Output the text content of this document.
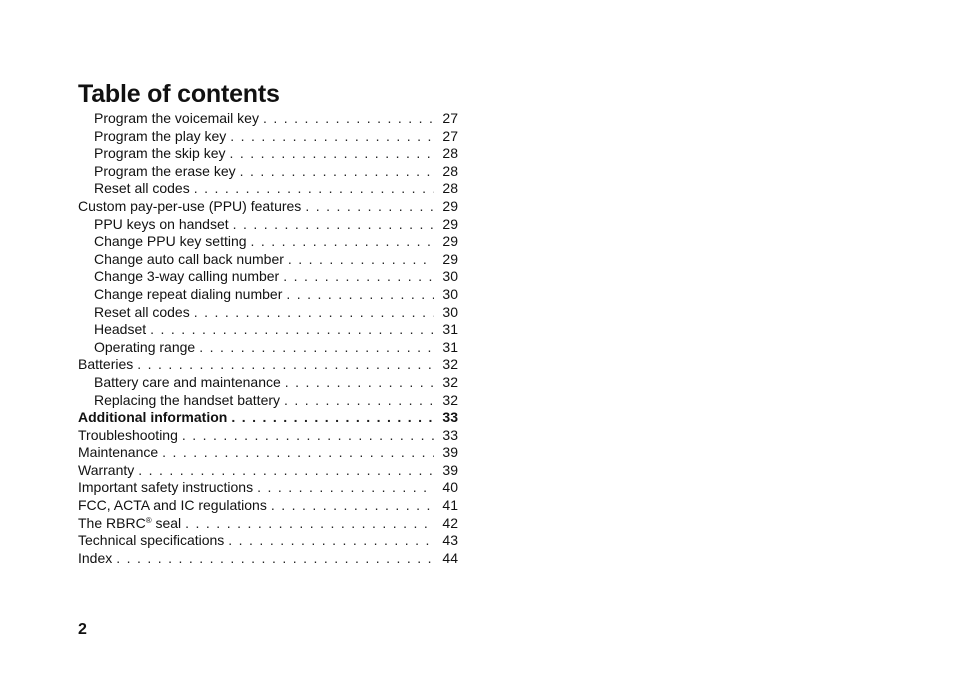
Table of contents
Program the voicemail key . . .	27
Program the play key . . .	27
Program the skip key . . .	28
Program the erase key . . .	28
Reset all codes . . .	28
Custom pay-per-use (PPU) features . . .	29
PPU keys on handset . . .	29
Change PPU key setting . . .	29
Change auto call back number . . .	29
Change 3-way calling number . . .	30
Change repeat dialing number . . .	30
Reset all codes . . .	30
Headset . . .	31
Operating range . . .	31
Batteries . . .	32
Battery care and maintenance . . .	32
Replacing the handset battery . . .	32
Additional information . . .	33
Troubleshooting . . .	33
Maintenance . . .	39
Warranty . . .	39
Important safety instructions . . .	40
FCC, ACTA and IC regulations . . .	41
The RBRC® seal . . .	42
Technical specifications . . .	43
Index . . .	44
2
